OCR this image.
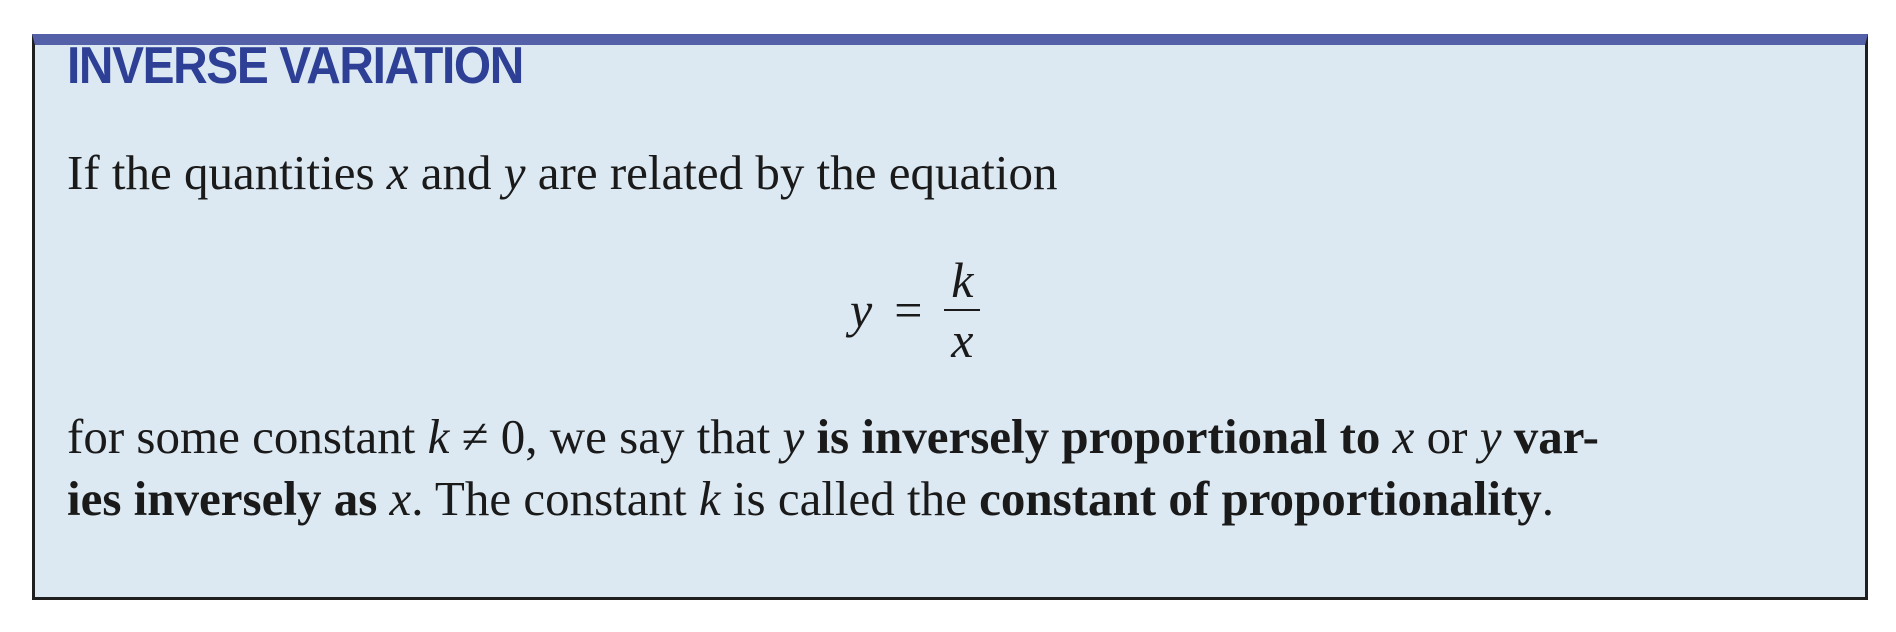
INVERSE VARIATION

If the quantities x and y are related by the equation

$y = \frac{k}{x}$

for some constant k ≠ 0, we say that y is inversely proportional to x or y var-

ies inversely as x. The constant k is called the constant of proportionality.
